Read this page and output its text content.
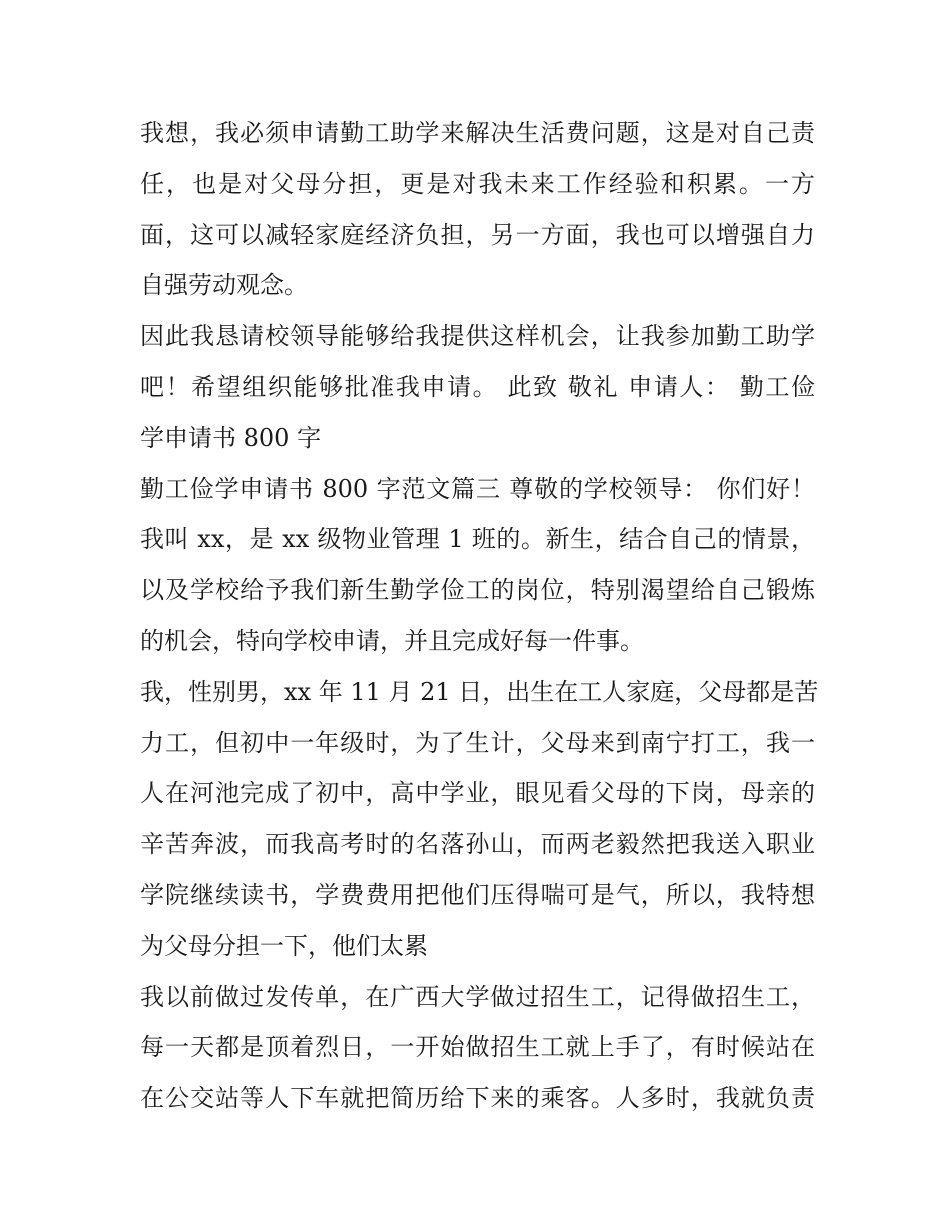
我想，我必须申请勤工助学来解决生活费问题，这是对自己责
任，也是对父母分担，更是对我未来工作经验和积累。一方
面，这可以减轻家庭经济负担，另一方面，我也可以增强自力
自强劳动观念。
因此我恳请校领导能够给我提供这样机会，让我参加勤工助学
吧！希望组织能够批准我申请。 此致 敬礼 申请人： 勤工俭
学申请书 800 字
勤工俭学申请书 800 字范文篇三 尊敬的学校领导： 你们好！
我叫 xx，是 xx 级物业管理 1 班的。新生，结合自己的情景，
以及学校给予我们新生勤学俭工的岗位，特别渴望给自己锻炼
的机会，特向学校申请，并且完成好每一件事。
我，性别男，xx 年 11 月 21 日，出生在工人家庭，父母都是苦
力工，但初中一年级时，为了生计，父母来到南宁打工，我一
人在河池完成了初中，高中学业，眼见看父母的下岗，母亲的
辛苦奔波，而我高考时的名落孙山，而两老毅然把我送入职业
学院继续读书，学费费用把他们压得喘可是气，所以，我特想
为父母分担一下，他们太累
我以前做过发传单，在广西大学做过招生工，记得做招生工，
每一天都是顶着烈日，一开始做招生工就上手了，有时候站在
在公交站等人下车就把简历给下来的乘客。人多时，我就负责
